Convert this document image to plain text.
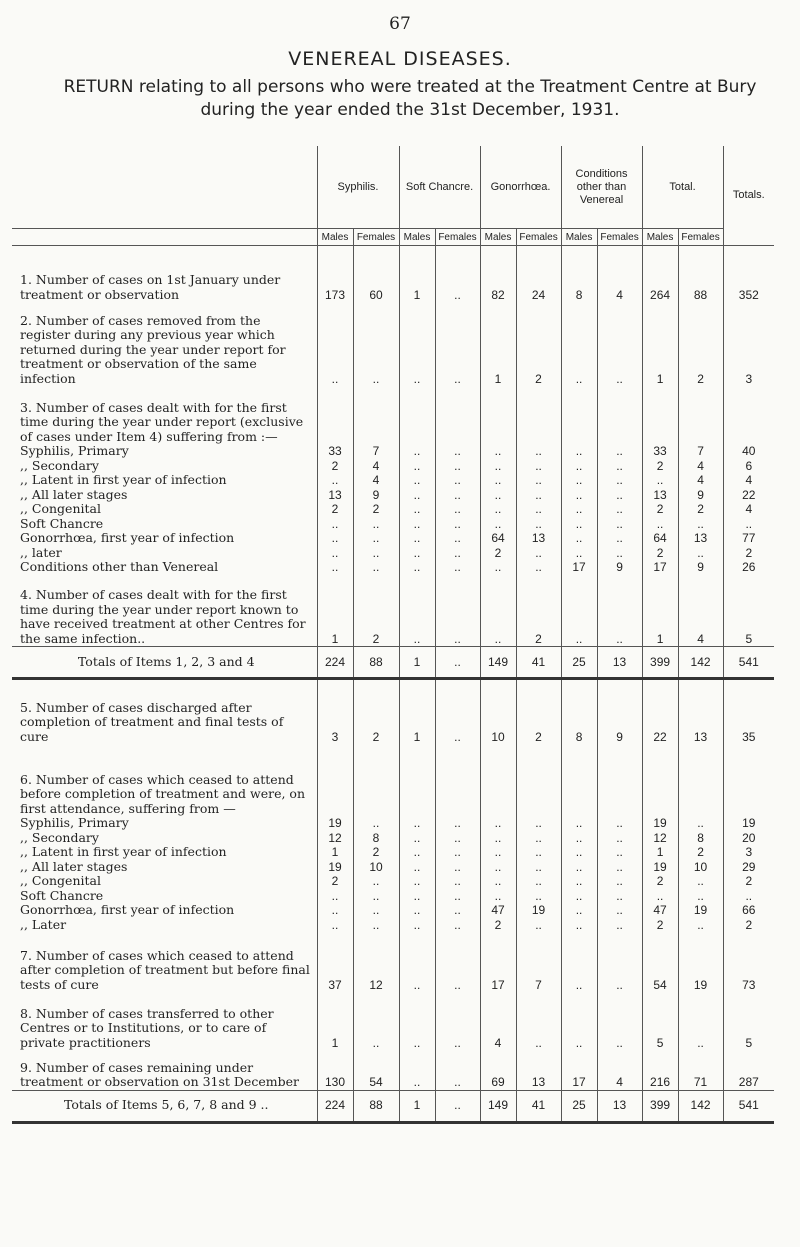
67
VENEREAL DISEASES.
RETURN relating to all persons who were treated at the Treatment Centre at Bury during the year ended the 31st December, 1931.
	Syphilis.		Soft Chancre.		Gonorrhœa.		Conditions other than Venereal		Total.		Totals.
	Males	Females	Males	Females	Males	Females	Males	Females	Males	Females	

1. Number of cases on 1st January under treatment or observation	173	60	1	..	82	24	8	4	264	88	352
2. Number of cases removed from the register during any previous year which returned during the year under report for treatment or observation of the same infection	..	..	..	..	1	2	..	..	1	2	3
3. Number of cases dealt with for the first time during the year under report (exclusive of cases under Item 4) suffering from :—											
Syphilis, Primary	33	7	..	..	..	..	..	..	33	7	40
,, Secondary	2	4	..	..	..	..	..	..	2	4	6
,, Latent in first year of infection	..	4	..	..	..	..	..	..	..	4	4
,, All later stages	13	9	..	..	..	..	..	..	13	9	22
,, Congenital	2	2	..	..	..	..	..	..	2	2	4
Soft Chancre	..	..	..	..	..	..	..	..	..	..	..
Gonorrhœa, first year of infection	..	..	..	..	64	13	..	..	64	13	77
,, later	..	..	..	..	2	..	..	..	2	..	2
Conditions other than Venereal	..	..	..	..	..	..	17	9	17	9	26
4. Number of cases dealt with for the first time during the year under report known to have received treatment at other Centres for the same infection..	1	2	..	..	..	2	..	..	1	4	5
Totals of Items 1, 2, 3 and 4	224	88	1	..	149	41	25	13	399	142	541

5. Number of cases discharged after completion of treatment and final tests of cure	3	2	1	..	10	2	8	9	22	13	35
6. Number of cases which ceased to attend before completion of treatment and were, on first attendance, suffering from —											
Syphilis, Primary	19	..	..	..	..	..	..	..	19	..	19
,, Secondary	12	8	..	..	..	..	..	..	12	8	20
,, Latent in first year of infection	1	2	..	..	..	..	..	..	1	2	3
,, All later stages	19	10	..	..	..	..	..	..	19	10	29
,, Congenital	2	..	..	..	..	..	..	..	2	..	2
Soft Chancre	..	..	..	..	..	..	..	..	..	..	..
Gonorrhœa, first year of infection	..	..	..	..	47	19	..	..	47	19	66
,, Later	..	..	..	..	2	..	..	..	2	..	2
7. Number of cases which ceased to attend after completion of treatment but before final tests of cure	37	12	..	..	17	7	..	..	54	19	73
8. Number of cases transferred to other Centres or to Institutions, or to care of private practitioners	1	..	..	..	4	..	..	..	5	..	5
9. Number of cases remaining under treatment or observation on 31st December	130	54	..	..	69	13	17	4	216	71	287
Totals of Items 5, 6, 7, 8 and 9 ..	224	88	1	..	149	41	25	13	399	142	541
